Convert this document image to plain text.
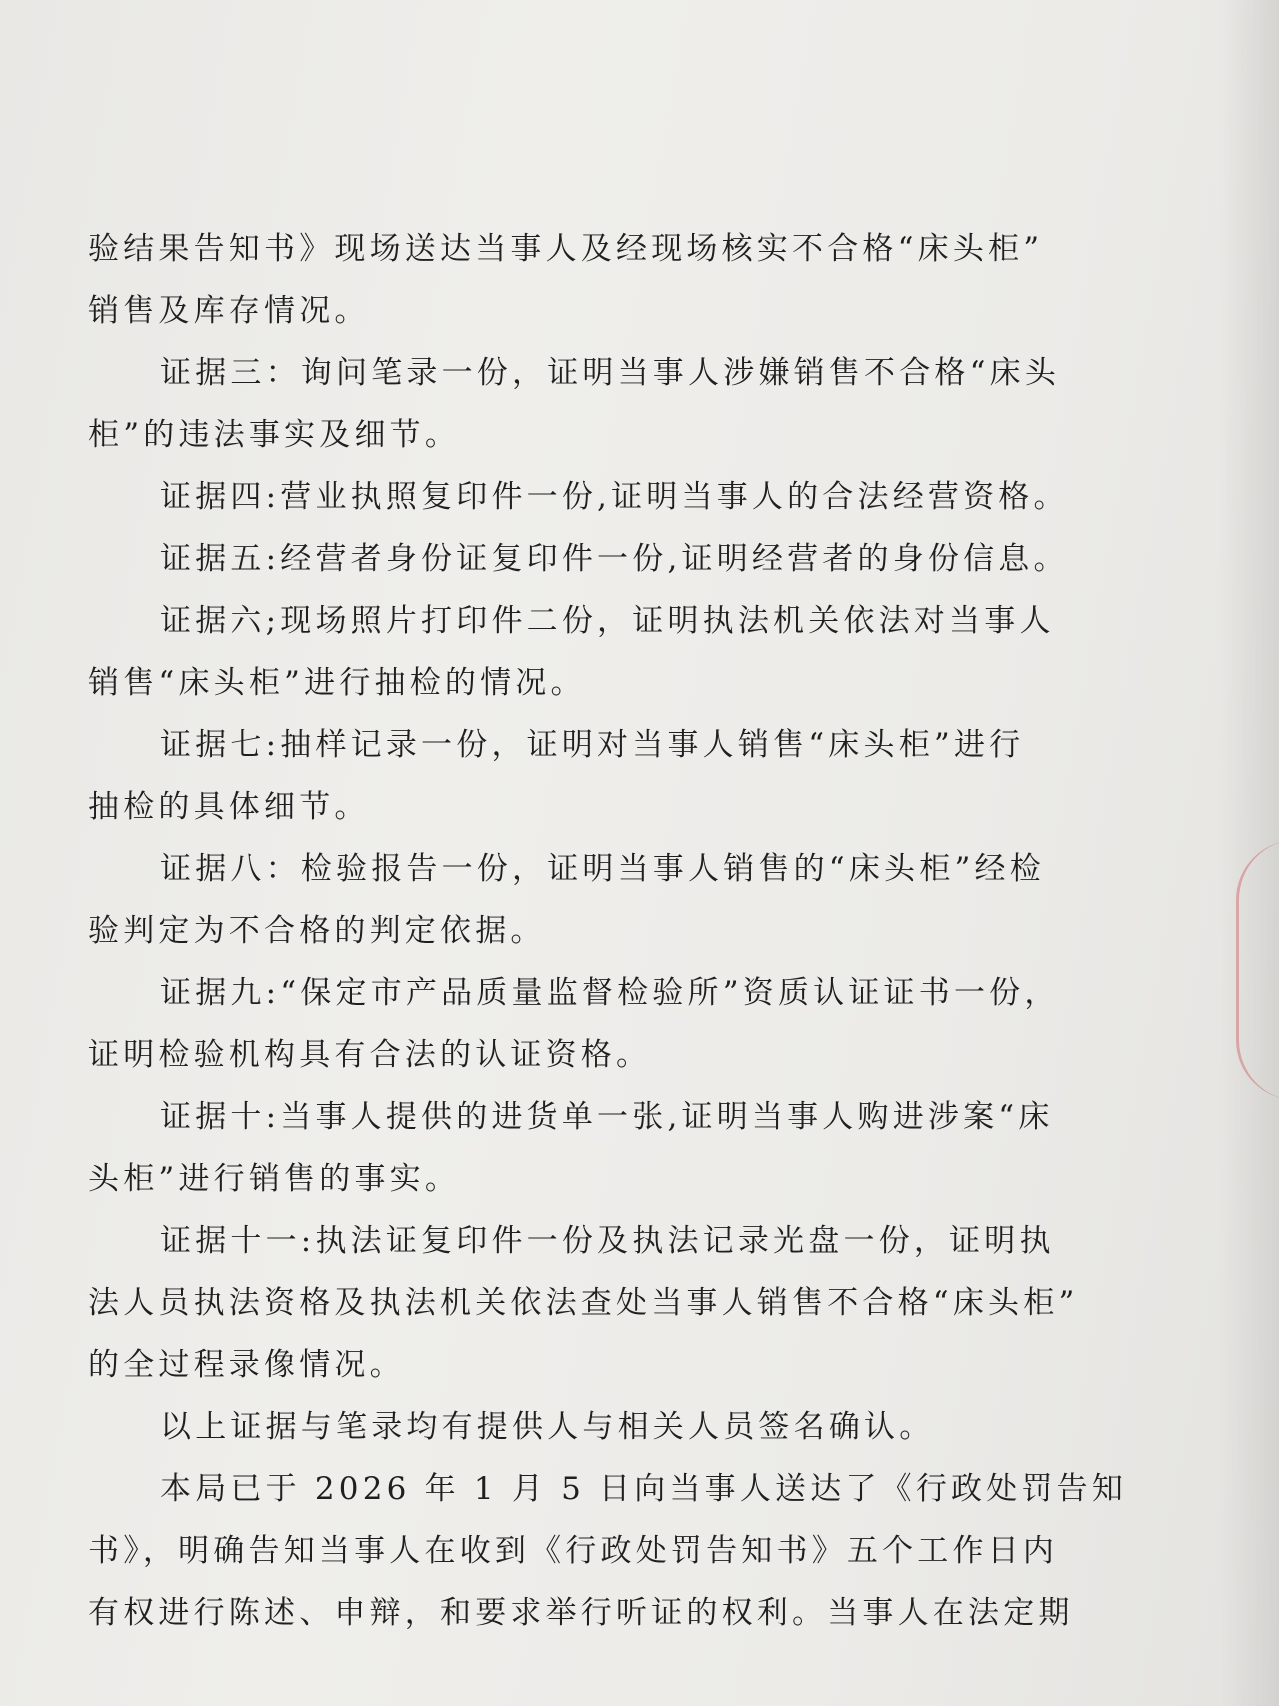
验结果告知书》现场送达当事人及经现场核实不合格“床头柜”
销售及库存情况。
证据三：询问笔录一份，证明当事人涉嫌销售不合格“床头
柜”的违法事实及细节。
证据四:营业执照复印件一份,证明当事人的合法经营资格。
证据五:经营者身份证复印件一份,证明经营者的身份信息。
证据六;现场照片打印件二份，证明执法机关依法对当事人
销售“床头柜”进行抽检的情况。
证据七:抽样记录一份，证明对当事人销售“床头柜”进行
抽检的具体细节。
证据八：检验报告一份，证明当事人销售的“床头柜”经检
验判定为不合格的判定依据。
证据九:“保定市产品质量监督检验所”资质认证证书一份，
证明检验机构具有合法的认证资格。
证据十:当事人提供的进货单一张,证明当事人购进涉案“床
头柜”进行销售的事实。
证据十一:执法证复印件一份及执法记录光盘一份，证明执
法人员执法资格及执法机关依法查处当事人销售不合格“床头柜”
的全过程录像情况。
以上证据与笔录均有提供人与相关人员签名确认。
本局已于 2026 年 1 月 5 日向当事人送达了《行政处罚告知
书》，明确告知当事人在收到《行政处罚告知书》五个工作日内
有权进行陈述、申辩，和要求举行听证的权利。当事人在法定期
